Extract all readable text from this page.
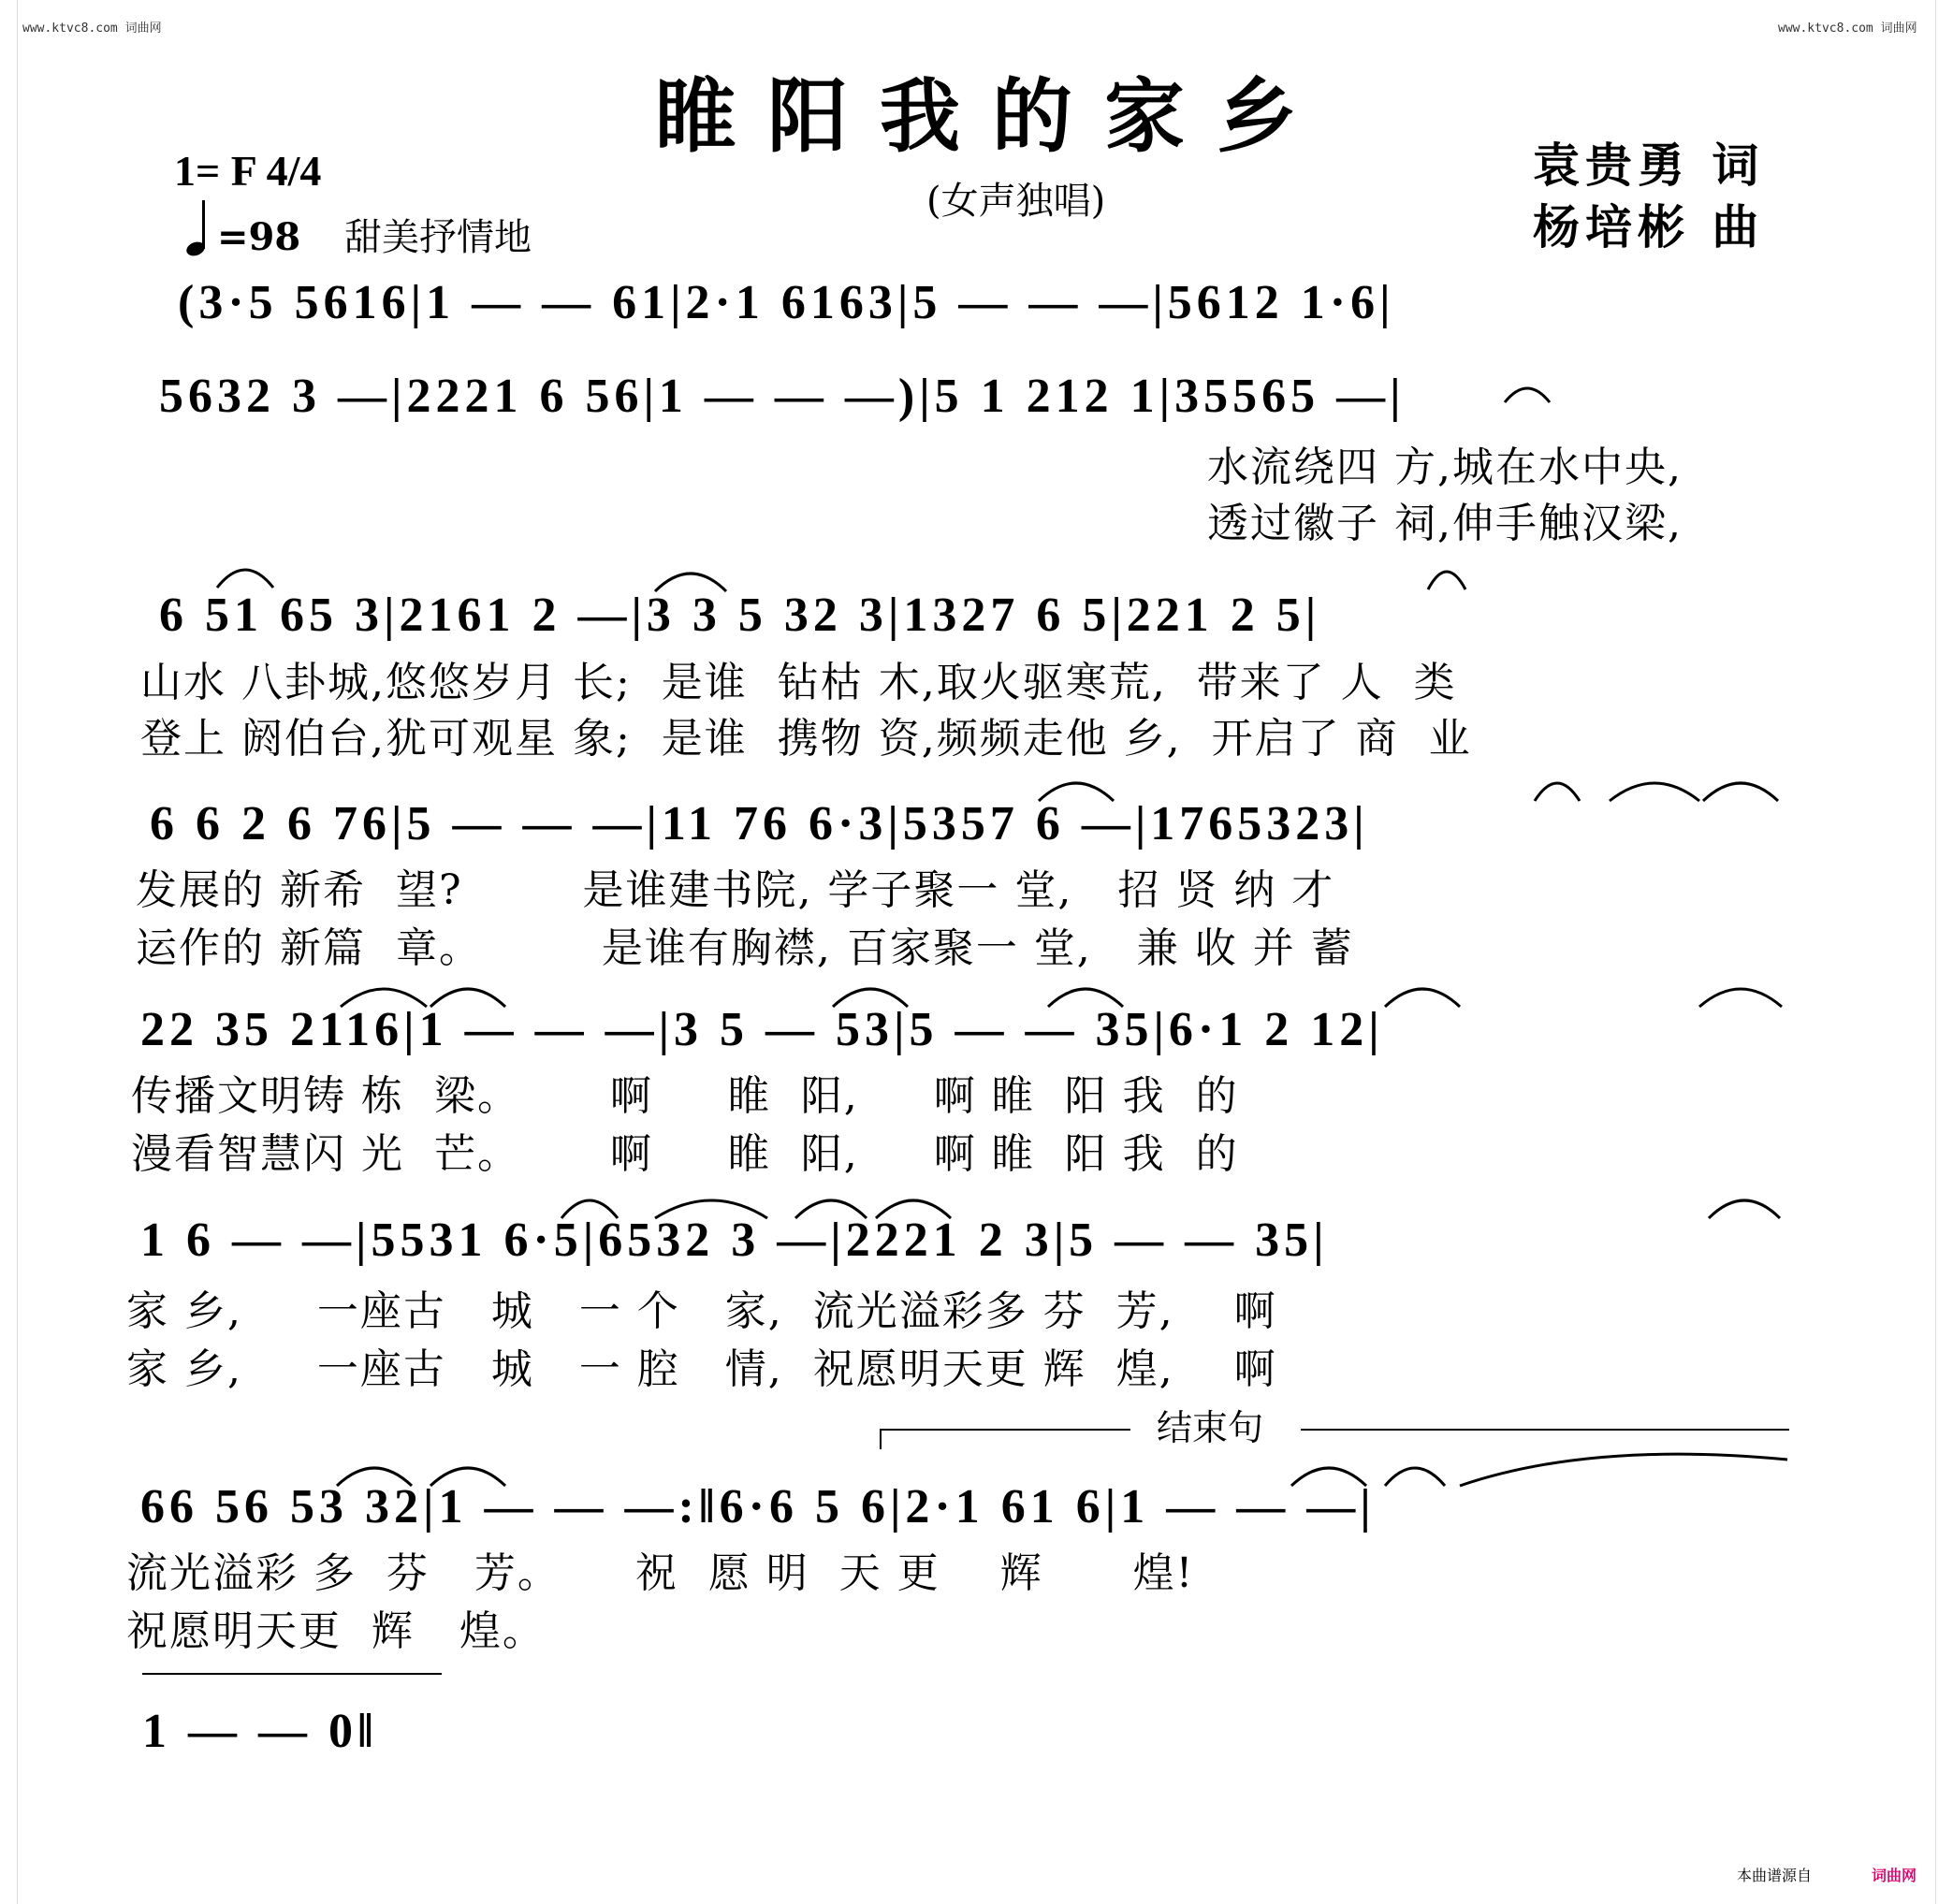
www.ktvc8.com 词曲网	www.ktvc8.com 词曲网
睢阳我的家乡
(女声独唱)
袁贵勇 词
杨培彬 曲
1= F 4/4
=98 甜美抒情地
(3·5 5616|1 — — 61|2·1 6163|5 — — —|5612 1·6|
5632 3 —|2221 6 56|1 — — —)|5 1 212 1|35565 —|
水流绕四 方,城在水中央,
透过徽子 祠,伸手触汉梁,
6 51 65 3|2161 2 —|3 3 5 32 3|1327 6 5|221 2 5|
山水 八卦城,悠悠岁月 长;  是谁  钻枯 木,取火驱寒荒,  带来了 人  类
登上 阏伯台,犹可观星 象;  是谁  携物 资,频频走他 乡,  开启了 商  业
6 6 2 6 76|5 — — —|11 76 6·3|5357 6 —|1765323|
发展的 新希  望?        是谁建书院, 学子聚一 堂,   招 贤 纳 才
运作的 新篇  章。        是谁有胸襟, 百家聚一 堂,   兼 收 并 蓄
22 35 2116|1 — — —|3 5 — 53|5 — — 35|6·1 2 12|
传播文明铸 栋  梁。      啊     睢  阳,     啊 睢  阳 我  的
漫看智慧闪 光  芒。      啊     睢  阳,     啊 睢  阳 我  的
1 6 — —|5531 6·5|6532 3 —|2221 2 3|5 — — 35|
家 乡,     一座古   城   一 个   家,  流光溢彩多 芬  芳,    啊
家 乡,     一座古   城   一 腔   情,  祝愿明天更 辉  煌,    啊
结束句
66 56 53 32|1 — — —:‖6·6 5 6|2·1 61 6|1 — — —|
流光溢彩 多  芬   芳。     祝  愿 明  天 更    辉      煌!
祝愿明天更  辉   煌。
1 — — 0‖
本曲谱源自	词曲网
